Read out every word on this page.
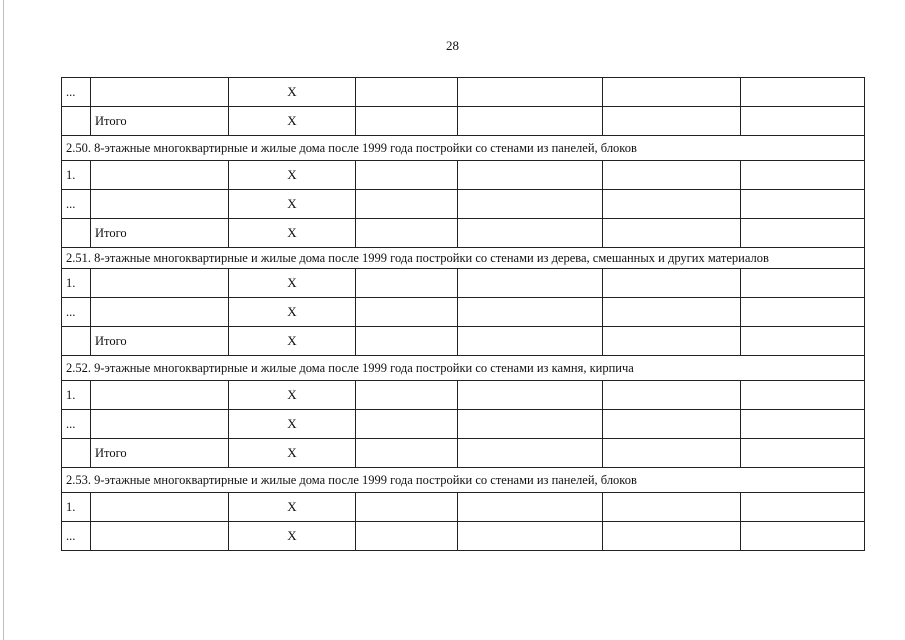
28
...		X				
	Итого	X				
2.50. 8-этажные многоквартирные и жилые дома после 1999 года постройки со стенами из панелей, блоков						
1.		X				
...		X				
	Итого	X				
2.51. 8-этажные многоквартирные и жилые дома после 1999 года постройки со стенами из дерева, смешанных и других материалов						
1.		X				
...		X				
	Итого	X				
2.52. 9-этажные многоквартирные и жилые дома после 1999 года постройки со стенами из камня, кирпича						
1.		X				
...		X				
	Итого	X				
2.53. 9-этажные многоквартирные и жилые дома после 1999 года постройки со стенами из панелей, блоков						
1.		X				
...		X				
